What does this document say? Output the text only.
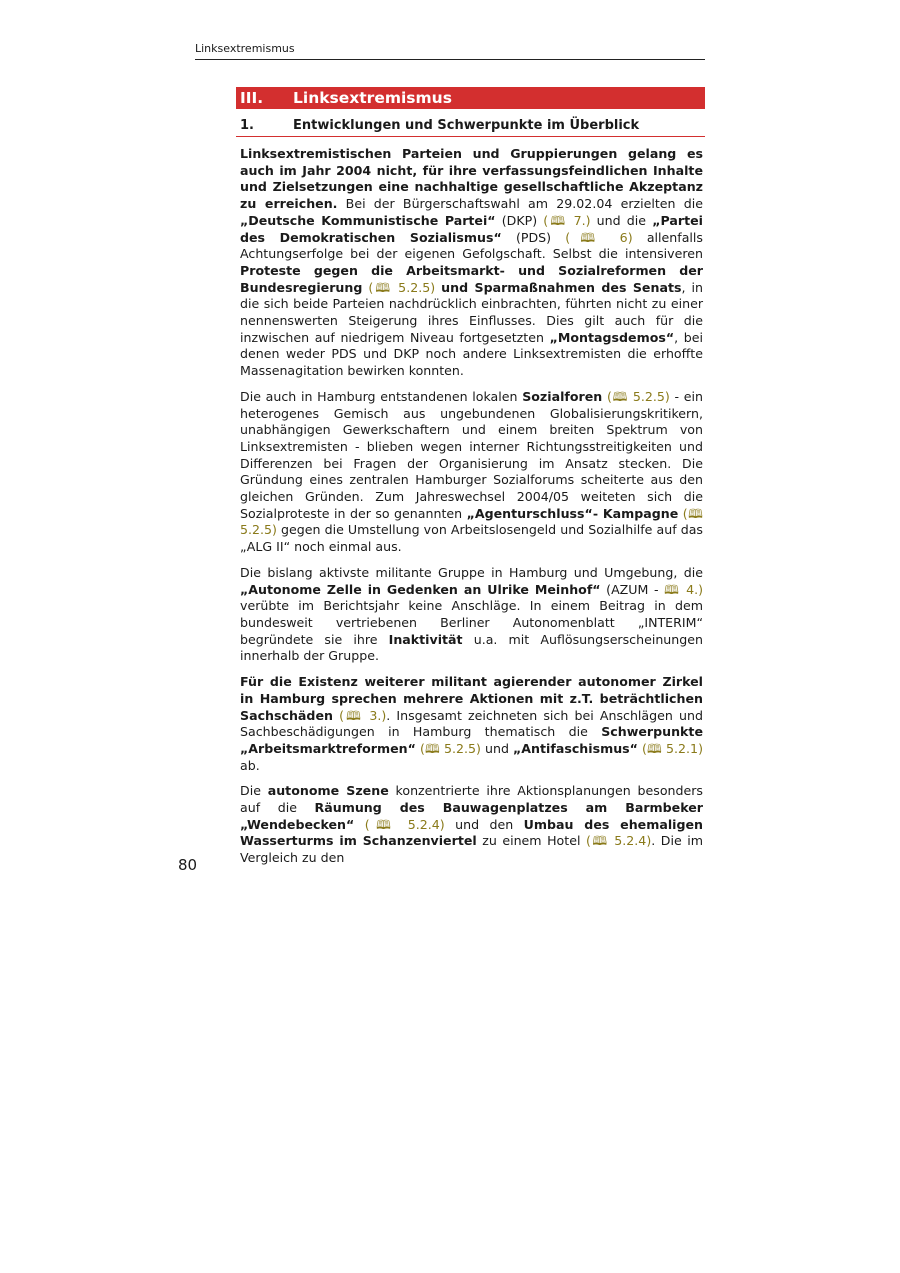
Linksextremismus
III. Linksextremismus
1.	Entwicklungen und Schwerpunkte im Überblick

Linksextremistischen Parteien und Gruppierungen gelang es auch im Jahr 2004 nicht, für ihre verfassungsfeindlichen Inhalte und Zielsetzungen eine nachhaltige gesellschaftliche Akzeptanz zu erreichen. Bei der Bürgerschaftswahl am 29.02.04 erzielten die „Deutsche Kommunistische Partei“ (DKP) (🕮 7.) und die „Partei des Demokratischen Sozialismus“ (PDS) (🕮 6) allenfalls Achtungserfolge bei der eigenen Gefolgschaft. Selbst die intensiveren Proteste gegen die Arbeitsmarkt- und Sozialreformen der Bundesregierung (🕮 5.2.5) und Sparmaßnahmen des Senats, in die sich beide Parteien nachdrücklich einbrachten, führten nicht zu einer nennenswerten Steigerung ihres Einflusses. Dies gilt auch für die inzwischen auf niedrigem Niveau fortgesetzten „Montagsdemos“, bei denen weder PDS und DKP noch andere Linksextremisten die erhoffte Massenagitation bewirken konnten.

Die auch in Hamburg entstandenen lokalen Sozialforen (🕮 5.2.5) - ein heterogenes Gemisch aus ungebundenen Globalisierungskritikern, unabhängigen Gewerkschaftern und einem breiten Spektrum von Linksextremisten - blieben wegen interner Richtungsstreitigkeiten und Differenzen bei Fragen der Organisierung im Ansatz stecken. Die Gründung eines zentralen Hamburger Sozialforums scheiterte aus den gleichen Gründen. Zum Jahreswechsel 2004/05 weiteten sich die Sozialproteste in der so genannten „Agenturschluss“- Kampagne (🕮 5.2.5) gegen die Umstellung von Arbeitslosengeld und Sozialhilfe auf das „ALG II“ noch einmal aus.

Die bislang aktivste militante Gruppe in Hamburg und Umgebung, die „Autonome Zelle in Gedenken an Ulrike Meinhof“ (AZUM - 🕮 4.) verübte im Berichtsjahr keine Anschläge. In einem Beitrag in dem bundesweit vertriebenen Berliner Autonomenblatt „INTERIM“ begründete sie ihre Inaktivität u.a. mit Auflösungserscheinungen innerhalb der Gruppe.

Für die Existenz weiterer militant agierender autonomer Zirkel in Hamburg sprechen mehrere Aktionen mit z.T. beträchtlichen Sachschäden (🕮 3.). Insgesamt zeichneten sich bei Anschlägen und Sachbeschädigungen in Hamburg thematisch die Schwerpunkte „Arbeitsmarktreformen“ (🕮 5.2.5) und „Antifaschismus“ (🕮 5.2.1) ab.

Die autonome Szene konzentrierte ihre Aktionsplanungen besonders auf die Räumung des Bauwagenplatzes am Barmbeker „Wendebecken“ (🕮 5.2.4) und den Umbau des ehemaligen Wasserturms im Schanzenviertel zu einem Hotel (🕮 5.2.4). Die im Vergleich zu den

80
